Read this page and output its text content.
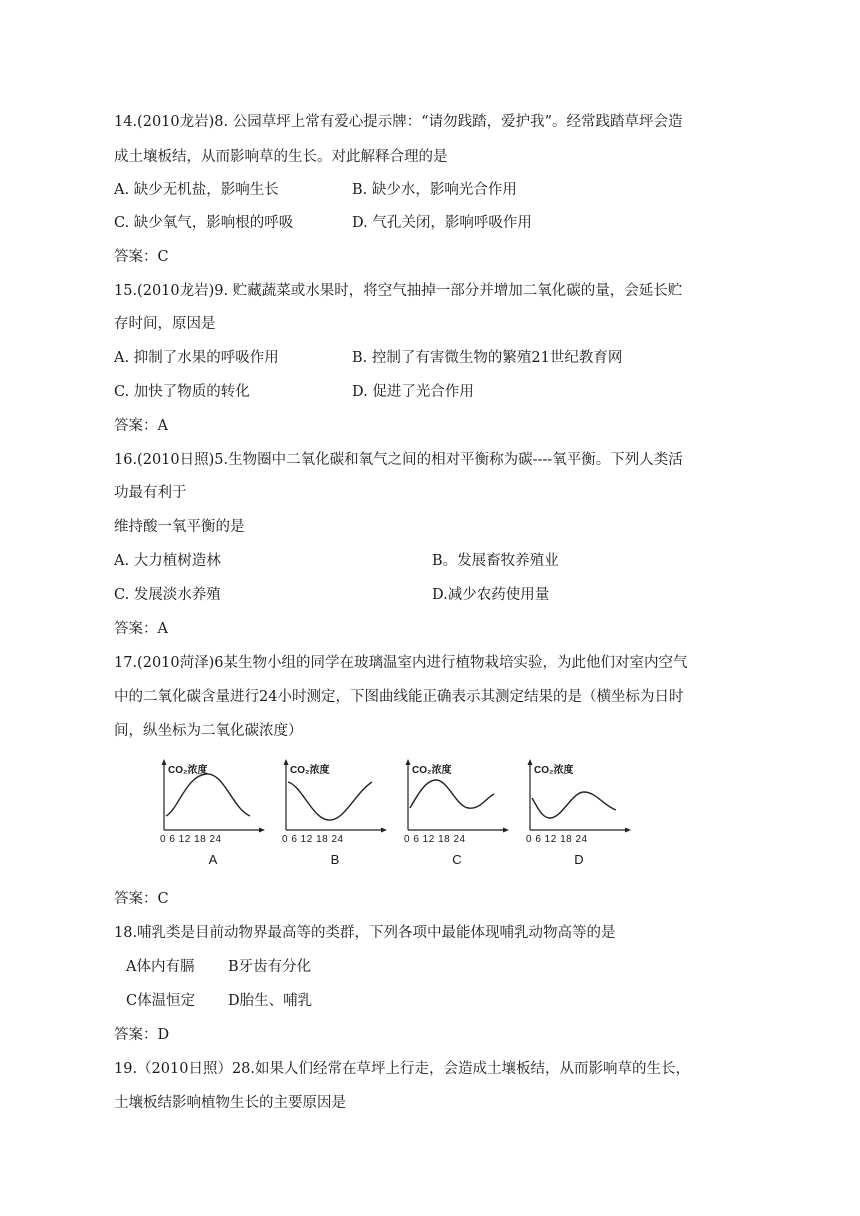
14.(2010龙岩)8. 公园草坪上常有爱心提示牌：“请勿践踏，爱护我”。经常践踏草坪会造
成土壤板结，从而影响草的生长。对此解释合理的是
A. 缺少无机盐，影响生长	B. 缺少水，影响光合作用
C. 缺少氧气，影响根的呼吸	D. 气孔关闭，影响呼吸作用
答案：C
15.(2010龙岩)9. 贮藏蔬菜或水果时，将空气抽掉一部分并增加二氧化碳的量，会延长贮
存时间，原因是
A. 抑制了水果的呼吸作用	B. 控制了有害微生物的繁殖21世纪教育网
C. 加快了物质的转化	D. 促进了光合作用
答案：A
16.(2010日照)5.生物圈中二氧化碳和氧气之间的相对平衡称为碳----氧平衡。下列人类活
功最有利于
维持酸一氧平衡的是
A. 大力植树造林	B。发展畜牧养殖业
C. 发展淡水养殖	D.减少农药使用量
答案：A
17.(2010菏泽)6某生物小组的同学在玻璃温室内进行植物栽培实验，为此他们对室内空气
中的二氧化碳含量进行24小时测定，下图曲线能正确表示其测定结果的是（横坐标为日时
间，纵坐标为二氧化碳浓度）
CO₂浓度
0 6 12 18 24
A
CO₂浓度
0 6 12 18 24
B
CO₂浓度
0 6 12 18 24
C
CO₂浓度
0 6 12 18 24
D
答案：C
18.哺乳类是目前动物界最高等的类群，下列各项中最能体现哺乳动物高等的是
A体内有膈 B牙齿有分化
C体温恒定 D胎生、哺乳
答案：D
19.（2010日照）28.如果人们经常在草坪上行走，会造成土壤板结，从而影响草的生长，
土壤板结影响植物生长的主要原因是
